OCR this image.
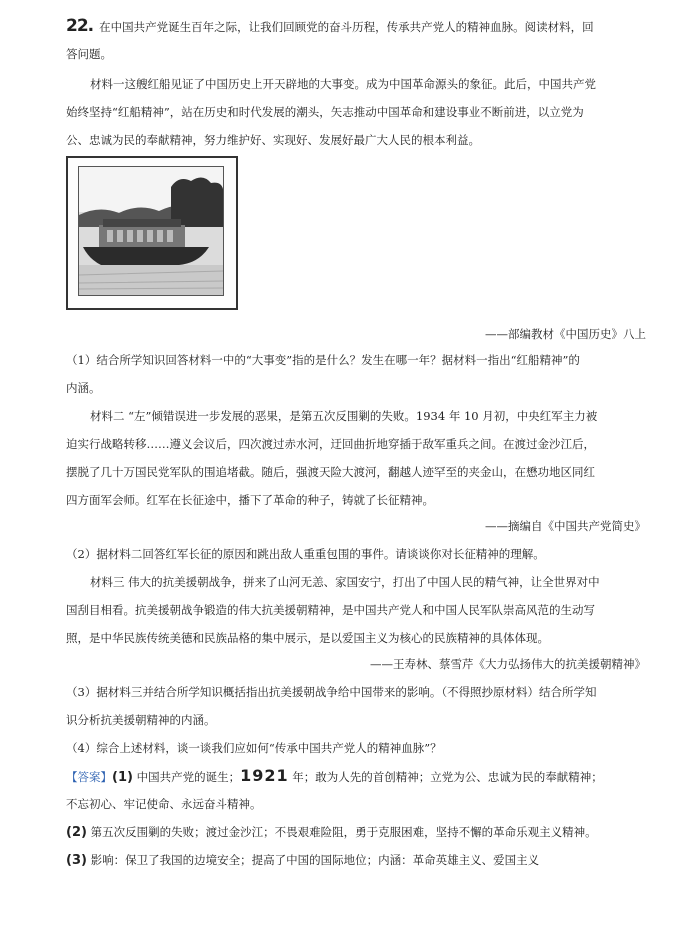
22. 在中国共产党诞生百年之际，让我们回顾党的奋斗历程，传承共产党人的精神血脉。阅读材料，回
答问题。
材料一这艘红船见证了中国历史上开天辟地的大事变。成为中国革命源头的象征。此后，中国共产党
始终坚持“红船精神”，站在历史和时代发展的潮头，矢志推动中国革命和建设事业不断前进，以立党为
公、忠诚为民的奉献精神，努力维护好、实现好、发展好最广大人民的根本利益。
——部编教材《中国历史》八上
（1）结合所学知识回答材料一中的“大事变”指的是什么？发生在哪一年？据材料一指出“红船精神”的
内涵。
材料二 “左”倾错误进一步发展的恶果，是第五次反围剿的失败。1934 年 10 月初，中央红军主力被
迫实行战略转移……遵义会议后，四次渡过赤水河，迂回曲折地穿插于敌军重兵之间。在渡过金沙江后，
摆脱了几十万国民党军队的围追堵截。随后，强渡天险大渡河，翻越人迹罕至的夹金山，在懋功地区同红
四方面军会师。红军在长征途中，播下了革命的种子，铸就了长征精神。
——摘编自《中国共产党简史》
（2）据材料二回答红军长征的原因和跳出敌人重重包围的事件。请谈谈你对长征精神的理解。
材料三 伟大的抗美援朝战争，拼来了山河无恙、家国安宁，打出了中国人民的精气神，让全世界对中
国刮目相看。抗美援朝战争锻造的伟大抗美援朝精神，是中国共产党人和中国人民军队崇高风范的生动写
照，是中华民族传统美德和民族品格的集中展示，是以爱国主义为核心的民族精神的具体体现。
——王寿林、蔡雪芹《大力弘扬伟大的抗美援朝精神》
（3）据材料三并结合所学知识概括指出抗美援朝战争给中国带来的影响。（不得照抄原材料）结合所学知
识分析抗美援朝精神的内涵。
（4）综合上述材料，谈一谈我们应如何“传承中国共产党人的精神血脉”？
【答案】(1) 中国共产党的诞生；1921 年；敢为人先的首创精神；立党为公、忠诚为民的奉献精神；
不忘初心、牢记使命、永远奋斗精神。
(2) 第五次反围剿的失败；渡过金沙江；不畏艰难险阻，勇于克服困难，坚持不懈的革命乐观主义精神。
(3) 影响：保卫了我国的边境安全；提高了中国的国际地位；内涵：革命英雄主义、爱国主义
